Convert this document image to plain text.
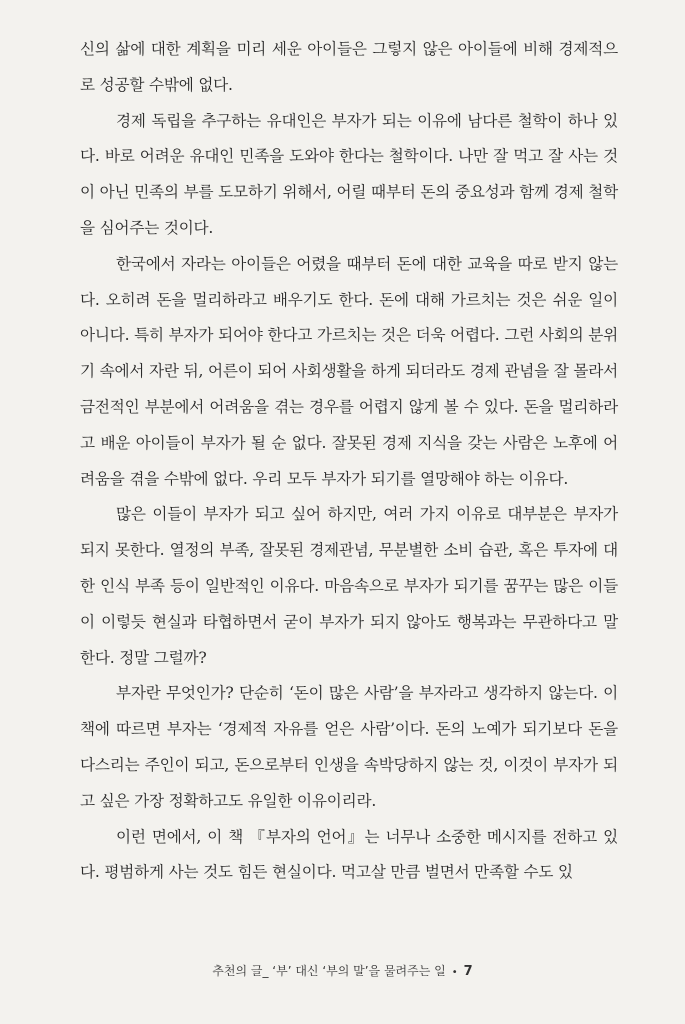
신의 삶에 대한 계획을 미리 세운 아이들은 그렇지 않은 아이들에 비해 경제적으로 성공할 수밖에 없다.

경제 독립을 추구하는 유대인은 부자가 되는 이유에 남다른 철학이 하나 있다. 바로 어려운 유대인 민족을 도와야 한다는 철학이다. 나만 잘 먹고 잘 사는 것이 아닌 민족의 부를 도모하기 위해서, 어릴 때부터 돈의 중요성과 함께 경제 철학을 심어주는 것이다.

한국에서 자라는 아이들은 어렸을 때부터 돈에 대한 교육을 따로 받지 않는다. 오히려 돈을 멀리하라고 배우기도 한다. 돈에 대해 가르치는 것은 쉬운 일이 아니다. 특히 부자가 되어야 한다고 가르치는 것은 더욱 어렵다. 그런 사회의 분위기 속에서 자란 뒤, 어른이 되어 사회생활을 하게 되더라도 경제 관념을 잘 몰라서 금전적인 부분에서 어려움을 겪는 경우를 어렵지 않게 볼 수 있다. 돈을 멀리하라고 배운 아이들이 부자가 될 순 없다. 잘못된 경제 지식을 갖는 사람은 노후에 어려움을 겪을 수밖에 없다. 우리 모두 부자가 되기를 열망해야 하는 이유다.

많은 이들이 부자가 되고 싶어 하지만, 여러 가지 이유로 대부분은 부자가 되지 못한다. 열정의 부족, 잘못된 경제관념, 무분별한 소비 습관, 혹은 투자에 대한 인식 부족 등이 일반적인 이유다. 마음속으로 부자가 되기를 꿈꾸는 많은 이들이 이렇듯 현실과 타협하면서 굳이 부자가 되지 않아도 행복과는 무관하다고 말한다. 정말 그럴까?

부자란 무엇인가? 단순히 ‘돈이 많은 사람’을 부자라고 생각하지 않는다. 이 책에 따르면 부자는 ‘경제적 자유를 얻은 사람’이다. 돈의 노예가 되기보다 돈을 다스리는 주인이 되고, 돈으로부터 인생을 속박당하지 않는 것, 이것이 부자가 되고 싶은 가장 정확하고도 유일한 이유이리라.

이런 면에서, 이 책 『부자의 언어』는 너무나 소중한 메시지를 전하고 있다. 평범하게 사는 것도 힘든 현실이다. 먹고살 만큼 벌면서 만족할 수도 있

추천의 글_ ‘부’ 대신 ‘부의 말’을 물려주는 일 • 7
